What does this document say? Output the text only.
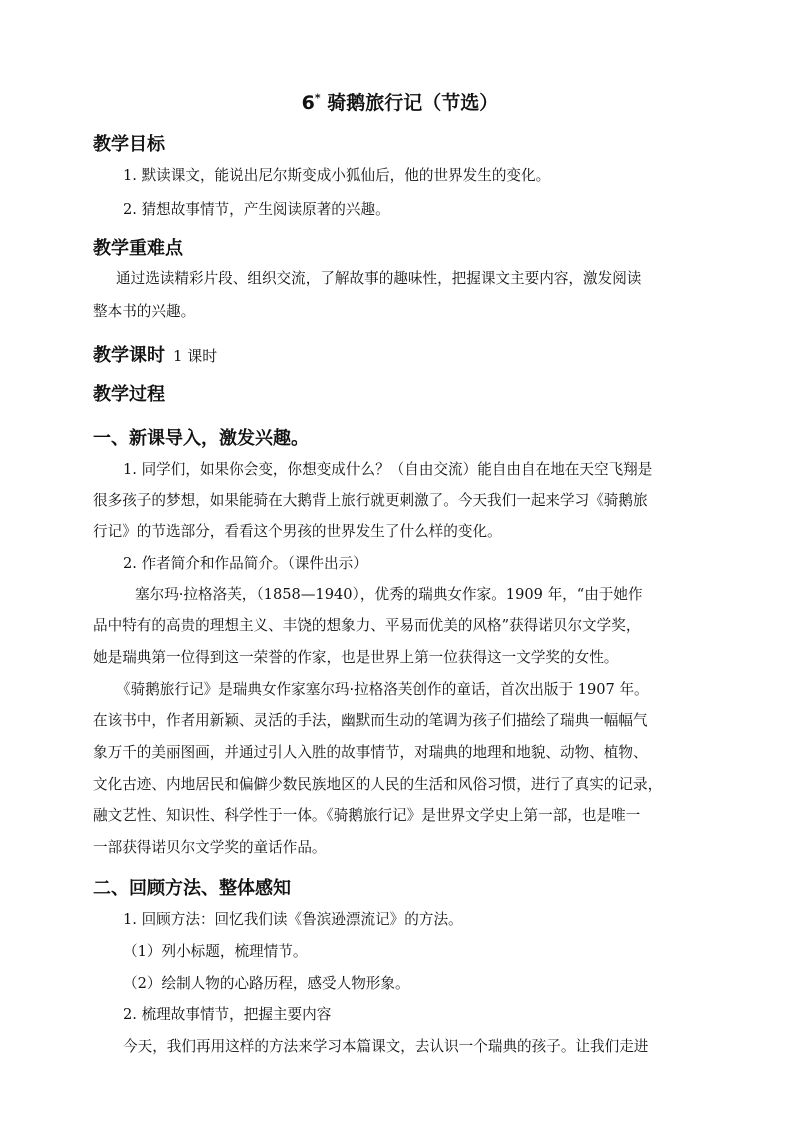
6* 骑鹅旅行记（节选）
教学目标
1. 默读课文，能说出尼尔斯变成小狐仙后，他的世界发生的变化。
2. 猜想故事情节，产生阅读原著的兴趣。
教学重难点
通过选读精彩片段、组织交流，了解故事的趣味性，把握课文主要内容，激发阅读
整本书的兴趣。
教学课时 1 课时
教学过程
一、新课导入，激发兴趣。
1. 同学们，如果你会变，你想变成什么？（自由交流）能自由自在地在天空飞翔是
很多孩子的梦想，如果能骑在大鹅背上旅行就更刺激了。今天我们一起来学习《骑鹅旅
行记》的节选部分，看看这个男孩的世界发生了什么样的变化。
2. 作者简介和作品简介。（课件出示）
塞尔玛·拉格洛芙，（1858—1940），优秀的瑞典女作家。1909 年，“由于她作
品中特有的高贵的理想主义、丰饶的想象力、平易而优美的风格”获得诺贝尔文学奖，
她是瑞典第一位得到这一荣誉的作家，也是世界上第一位获得这一文学奖的女性。
《骑鹅旅行记》是瑞典女作家塞尔玛·拉格洛芙创作的童话，首次出版于 1907 年。
在该书中，作者用新颖、灵活的手法，幽默而生动的笔调为孩子们描绘了瑞典一幅幅气
象万千的美丽图画，并通过引人入胜的故事情节，对瑞典的地理和地貌、动物、植物、
文化古迹、内地居民和偏僻少数民族地区的人民的生活和风俗习惯，进行了真实的记录，
融文艺性、知识性、科学性于一体。《骑鹅旅行记》是世界文学史上第一部，也是唯一
一部获得诺贝尔文学奖的童话作品。
二、回顾方法、整体感知
1. 回顾方法：回忆我们读《鲁滨逊漂流记》的方法。
（1）列小标题，梳理情节。
（2）绘制人物的心路历程，感受人物形象。
2. 梳理故事情节，把握主要内容
今天，我们再用这样的方法来学习本篇课文，去认识一个瑞典的孩子。让我们走进
